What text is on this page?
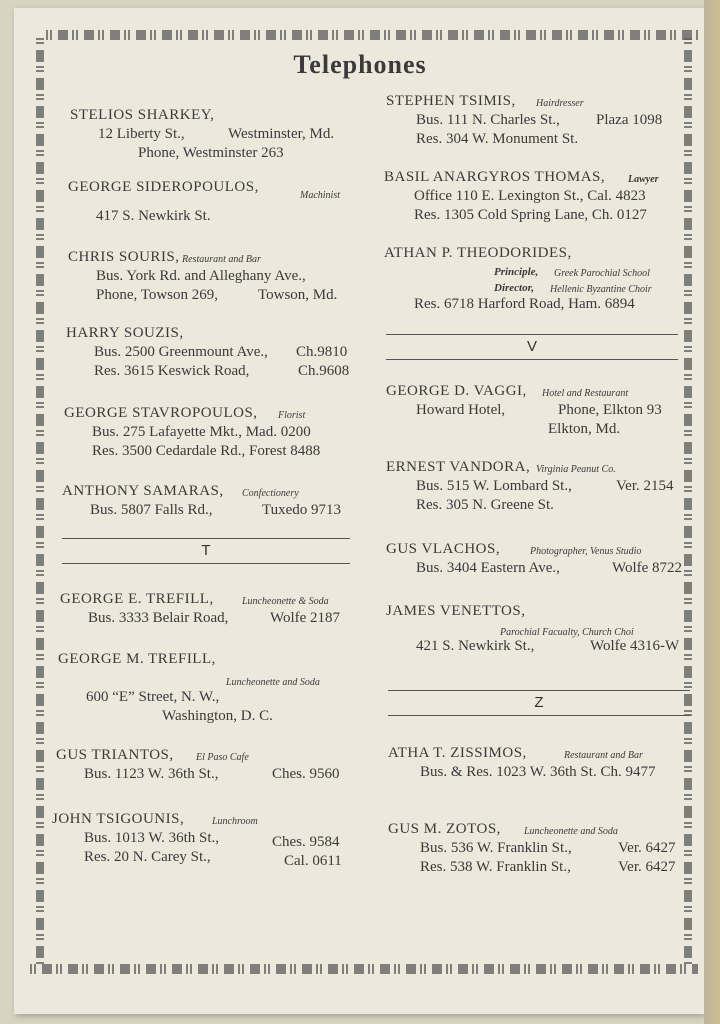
Telephones
STELIOS SHARKEY,
12 Liberty St.,	Westminster, Md.
Phone, Westminster 263
GEORGE SIDEROPOULOS,
Machinist
417 S. Newkirk St.
CHRIS SOURIS, Restaurant and Bar
Bus. York Rd. and Alleghany Ave.,
Phone, Towson 269,	Towson, Md.
HARRY SOUZIS,
Bus. 2500 Greenmount Ave., Ch.9810
Res. 3615 Keswick Road,	Ch.9608
GEORGE STAVROPOULOS, Florist
Bus. 275 Lafayette Mkt., Mad. 0200
Res. 3500 Cedardale Rd., Forest 8488
ANTHONY SAMARAS, Confectionery
Bus. 5807 Falls Rd.,	Tuxedo 9713
T
GEORGE E. TREFILL,	Luncheonette & Soda
Bus. 3333 Belair Road,	Wolfe 2187
GEORGE M. TREFILL,
Luncheonette and Soda
600 “E” Street, N. W.,
Washington, D. C.
GUS TRIANTOS, El Paso Cafe
Bus. 1123 W. 36th St.,	Ches. 9560
JOHN TSIGOUNIS,	Lunchroom
Bus. 1013 W. 36th St.,	Ches. 9584
Res. 20 N. Carey St.,	Cal. 0611
STEPHEN TSIMIS, Hairdresser
Bus. 111 N. Charles St., Plaza 1098
Res. 304 W. Monument St.
BASIL ANARGYROS THOMAS, Lawyer
Office 110 E. Lexington St., Cal. 4823
Res. 1305 Cold Spring Lane, Ch. 0127
ATHAN P. THEODORIDES,
Principle, Greek Parochial School
Director, Hellenic Byzantine Choir
Res. 6718 Harford Road, Ham. 6894
V
GEORGE D. VAGGI, Hotel and Restaurant
Howard Hotel,	Phone, Elkton 93
Elkton, Md.
ERNEST VANDORA, Virginia Peanut Co.
Bus. 515 W. Lombard St.,	Ver. 2154
Res. 305 N. Greene St.
GUS VLACHOS,	Photographer, Venus Studio
Bus. 3404 Eastern Ave.,	Wolfe 8722
JAMES VENETTOS,
Parochial Facualty, Church Choi
421 S. Newkirk St.,	Wolfe 4316-W
Z
ATHA T. ZISSIMOS,	Restaurant and Bar
Bus. & Res. 1023 W. 36th St. Ch. 9477
GUS M. ZOTOS, Luncheonette and Soda
Bus. 536 W. Franklin St.,	Ver. 6427
Res. 538 W. Franklin St.,	Ver. 6427
